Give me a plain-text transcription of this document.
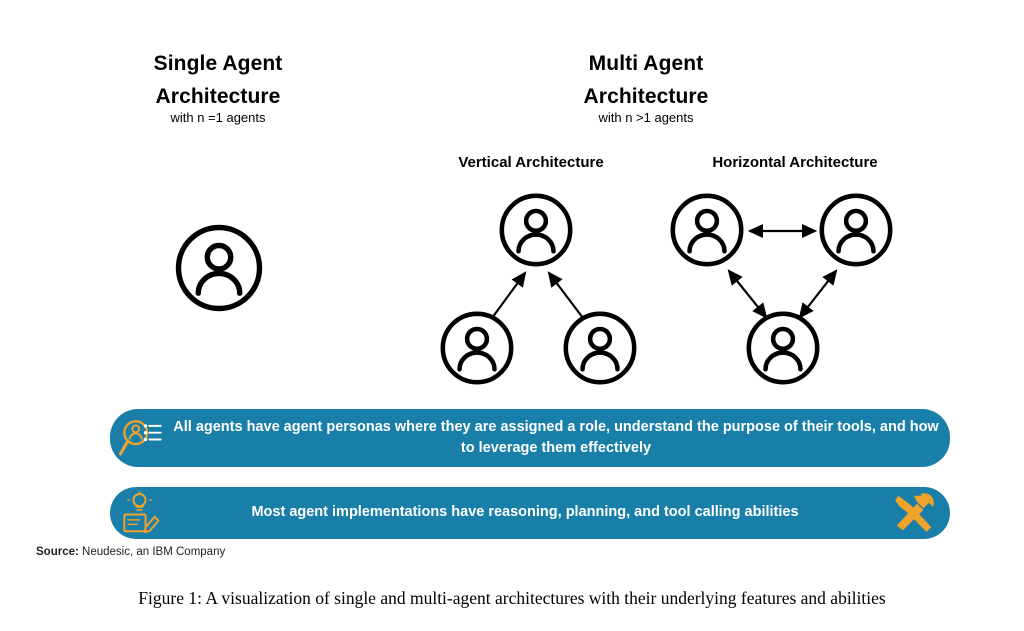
Single Agent
Architecture
with n =1 agents
Multi Agent
Architecture
with n >1 agents
Vertical Architecture	Horizontal Architecture
All agents have agent personas where they are assigned a role, understand the purpose of their tools, and how to leverage them effectively
Most agent implementations have reasoning, planning, and tool calling abilities
Source: Neudesic, an IBM Company
Figure 1: A visualization of single and multi-agent architectures with their underlying features and abilities
